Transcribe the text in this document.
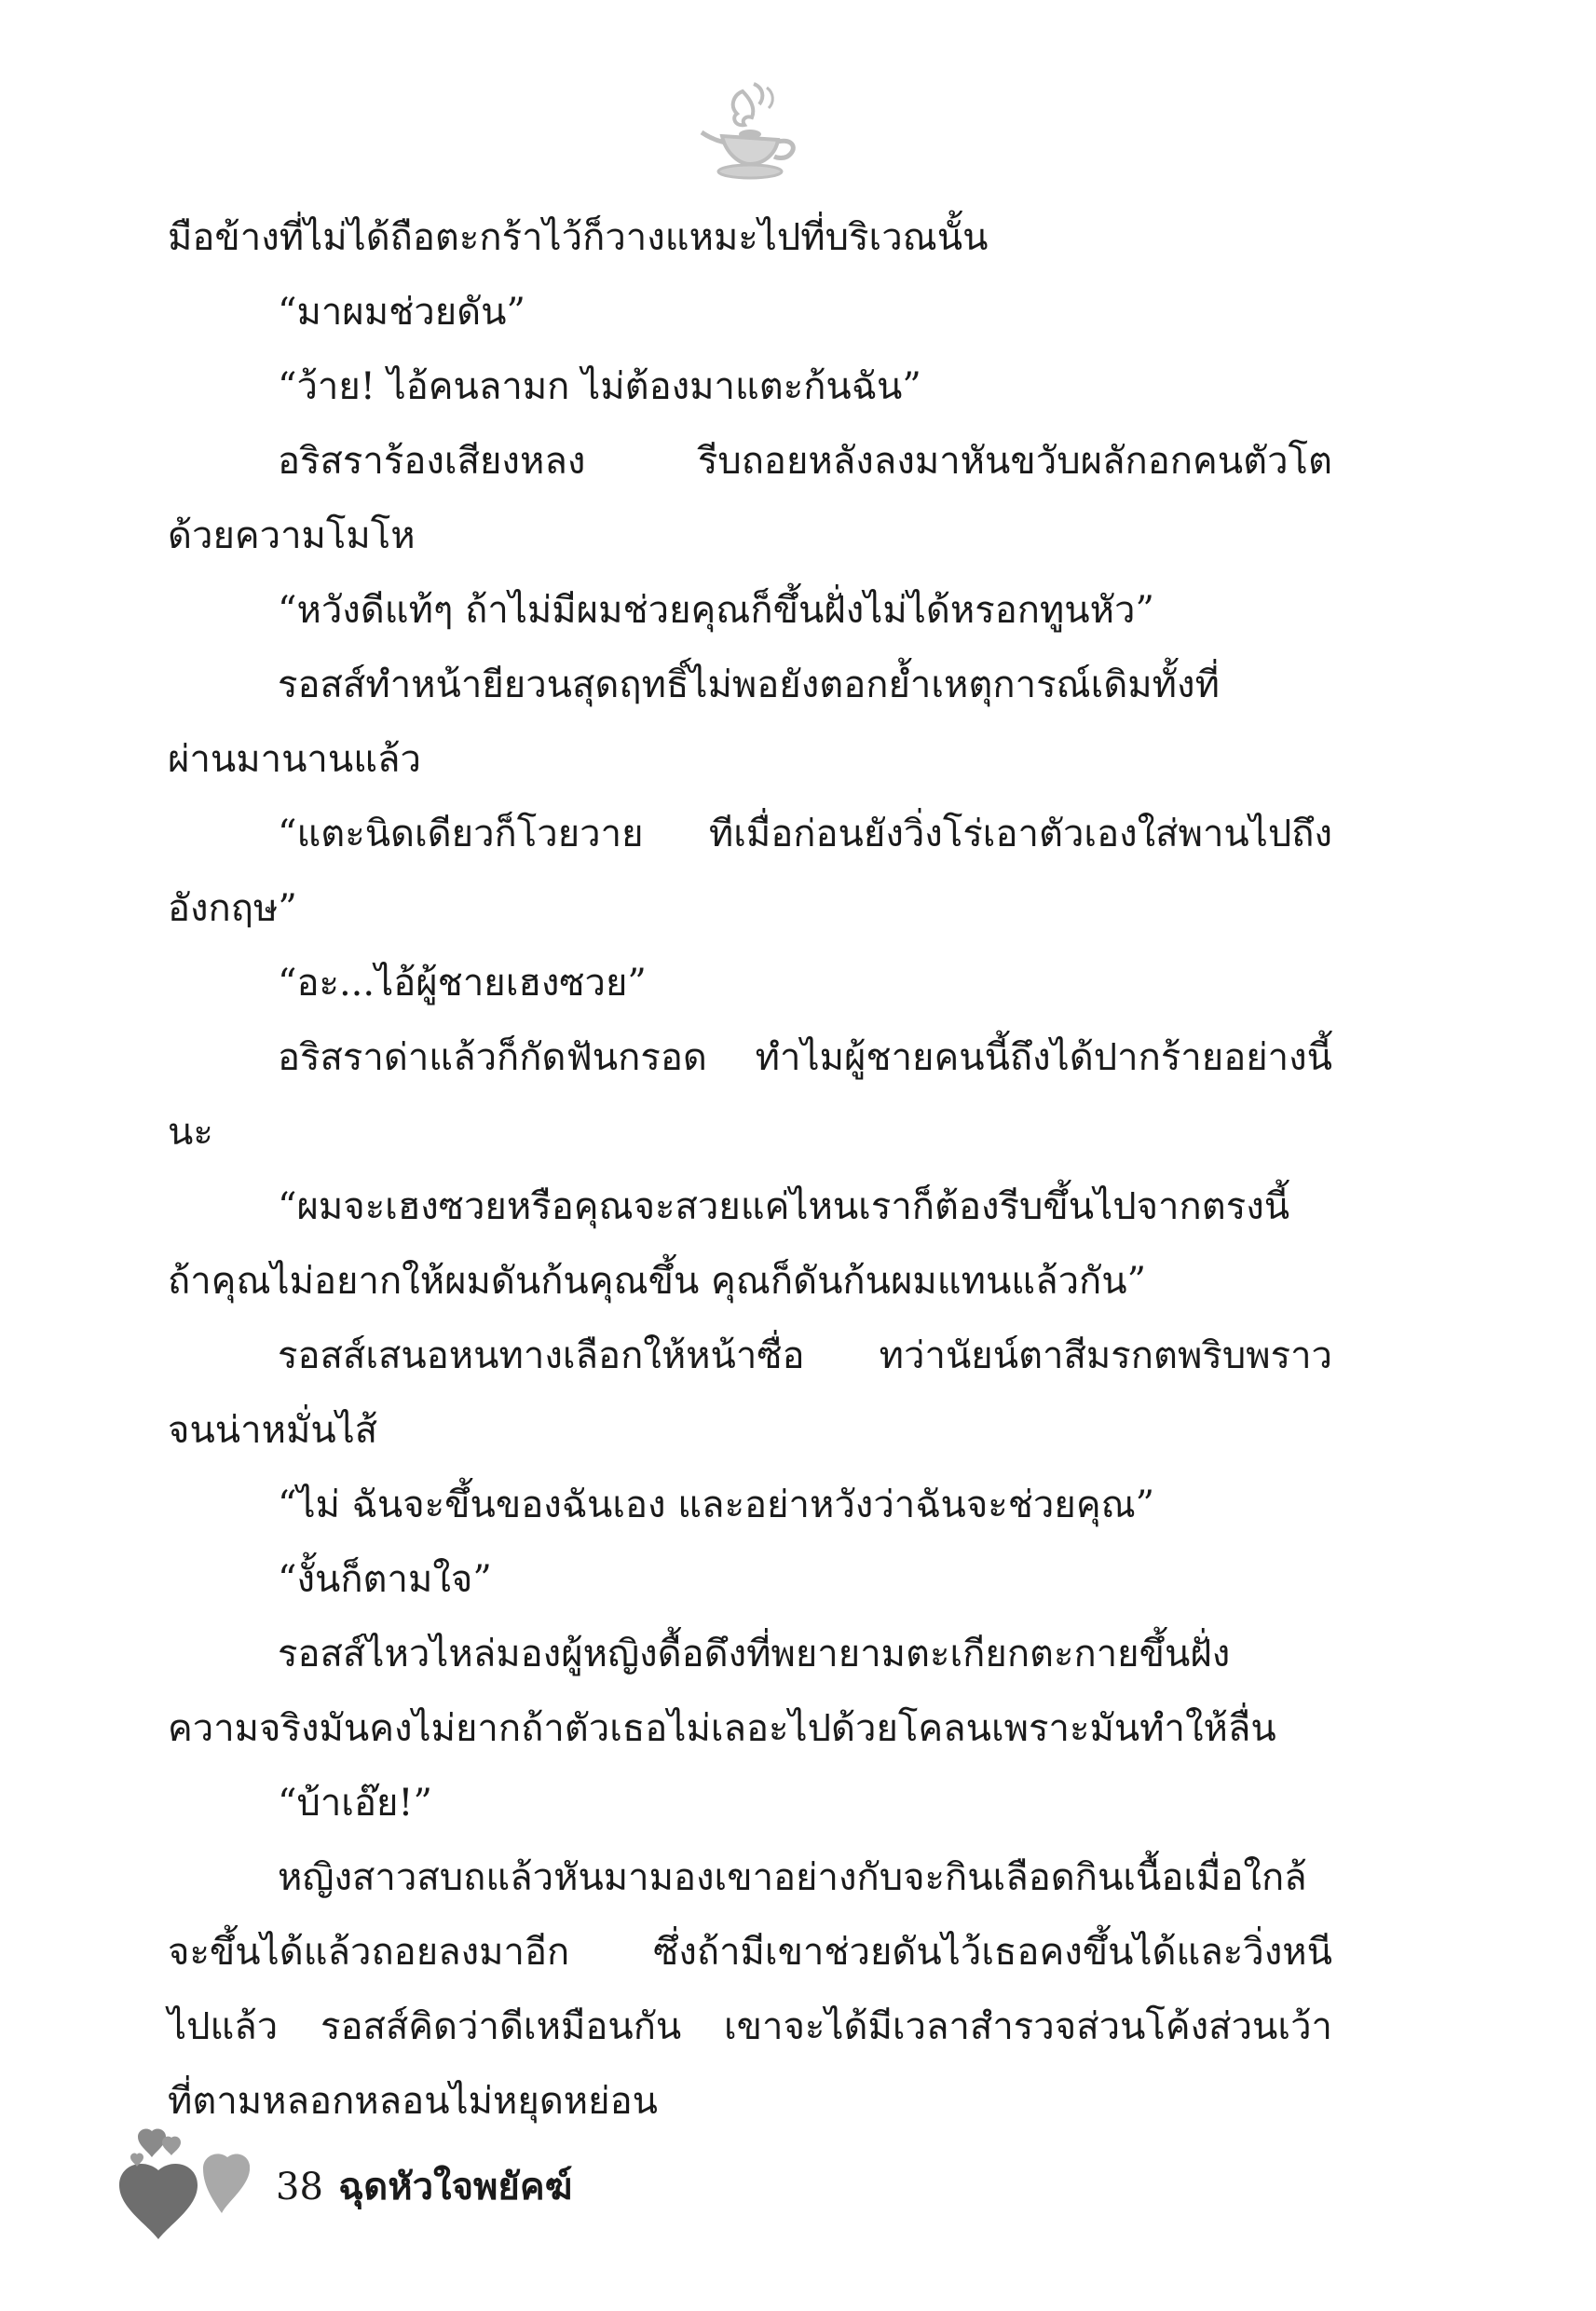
มือข้างที่ไม่ได้ถือตะกร้าไว้ก็วางแหมะไปที่บริเวณนั้น
“มาผมช่วยดัน”
“ว้าย! ไอ้คนลามก ไม่ต้องมาแตะก้นฉัน”
อริสราร้องเสียงหลง รีบถอยหลังลงมาหันขวับผลักอกคนตัวโต
ด้วยความโมโห
“หวังดีแท้ๆ ถ้าไม่มีผมช่วยคุณก็ขึ้นฝั่งไม่ได้หรอกทูนหัว”
รอสส์ทำหน้ายียวนสุดฤทธิ์ไม่พอยังตอกย้ำเหตุการณ์เดิมทั้งที่
ผ่านมานานแล้ว
“แตะนิดเดียวก็โวยวาย ทีเมื่อก่อนยังวิ่งโร่เอาตัวเองใส่พานไปถึง
อังกฤษ”
“อะ...ไอ้ผู้ชายเฮงซวย”
อริสราด่าแล้วก็กัดฟันกรอด ทำไมผู้ชายคนนี้ถึงได้ปากร้ายอย่างนี้
นะ
“ผมจะเฮงซวยหรือคุณจะสวยแค่ไหนเราก็ต้องรีบขึ้นไปจากตรงนี้
ถ้าคุณไม่อยากให้ผมดันก้นคุณขึ้น คุณก็ดันก้นผมแทนแล้วกัน”
รอสส์เสนอหนทางเลือกให้หน้าซื่อ ทว่านัยน์ตาสีมรกตพริบพราว
จนน่าหมั่นไส้
“ไม่ ฉันจะขึ้นของฉันเอง และอย่าหวังว่าฉันจะช่วยคุณ”
“งั้นก็ตามใจ”
รอสส์ไหวไหล่มองผู้หญิงดื้อดึงที่พยายามตะเกียกตะกายขึ้นฝั่ง
ความจริงมันคงไม่ยากถ้าตัวเธอไม่เลอะไปด้วยโคลนเพราะมันทำให้ลื่น
“บ้าเอ๊ย!”
หญิงสาวสบถแล้วหันมามองเขาอย่างกับจะกินเลือดกินเนื้อเมื่อใกล้
จะขึ้นได้แล้วถอยลงมาอีก ซึ่งถ้ามีเขาช่วยดันไว้เธอคงขึ้นได้และวิ่งหนี
ไปแล้ว รอสส์คิดว่าดีเหมือนกัน เขาจะได้มีเวลาสำรวจส่วนโค้งส่วนเว้า
ที่ตามหลอกหลอนไม่หยุดหย่อน
38 ฉุดหัวใจพยัคฆ์
